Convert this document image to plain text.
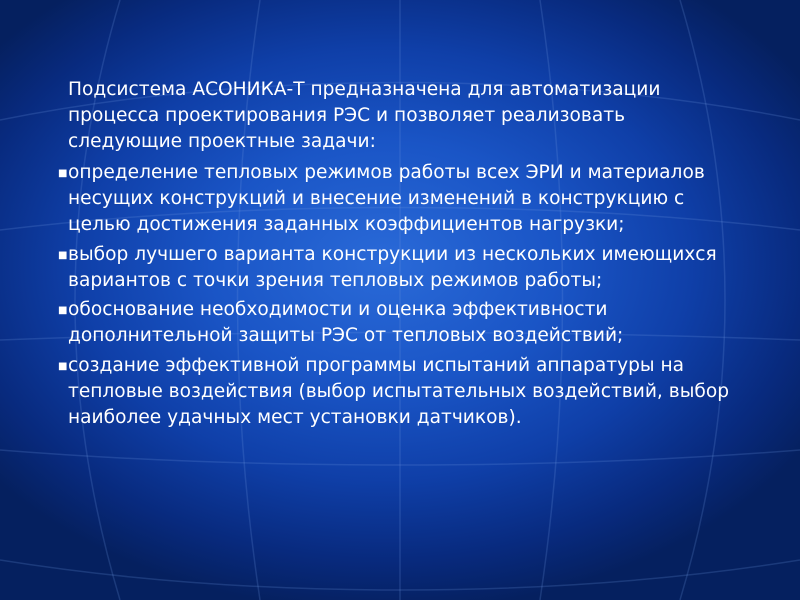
Подсистема АСОНИКА-Т предназначена для автоматизации процесса проектирования РЭС и позволяет реализовать следующие проектные задачи:

■ определение тепловых режимов работы всех ЭРИ и материалов несущих конструкций и внесение изменений в конструкцию с целью достижения заданных коэффициентов нагрузки;
■ выбор лучшего варианта конструкции из нескольких имеющихся вариантов с точки зрения тепловых режимов работы;
■ обоснование необходимости и оценка эффективности дополнительной защиты РЭС от тепловых воздействий;
■ создание эффективной программы испытаний аппаратуры на тепловые воздействия (выбор испытательных воздействий, выбор наиболее удачных мест установки датчиков).
